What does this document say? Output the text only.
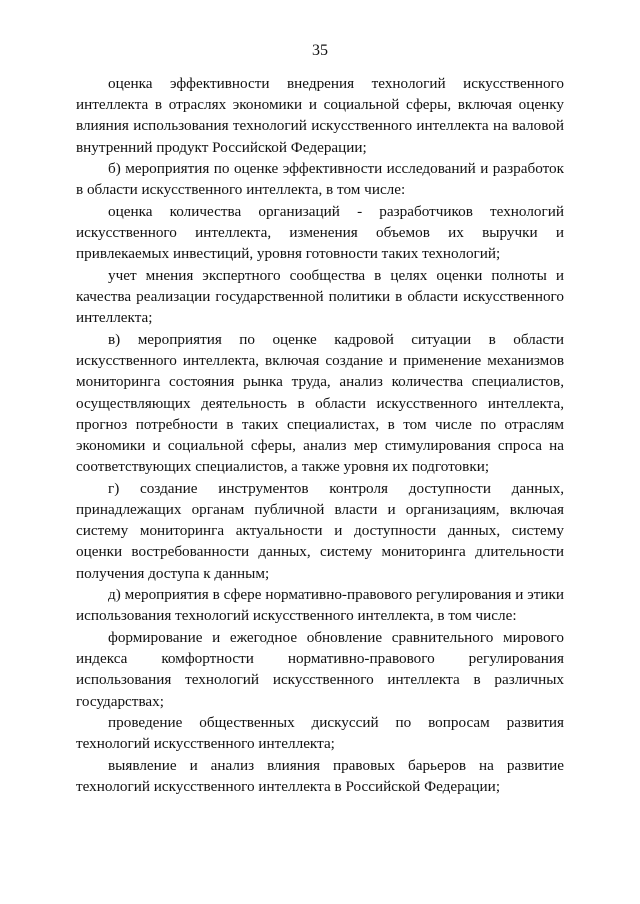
35

оценка эффективности внедрения технологий искусственного интеллекта в отраслях экономики и социальной сферы, включая оценку влияния использования технологий искусственного интеллекта на валовой внутренний продукт Российской Федерации;

б) мероприятия по оценке эффективности исследований и разработок в области искусственного интеллекта, в том числе:

оценка количества организаций - разработчиков технологий искусственного интеллекта, изменения объемов их выручки и привлекаемых инвестиций, уровня готовности таких технологий;

учет мнения экспертного сообщества в целях оценки полноты и качества реализации государственной политики в области искусственного интеллекта;

в) мероприятия по оценке кадровой ситуации в области искусственного интеллекта, включая создание и применение механизмов мониторинга состояния рынка труда, анализ количества специалистов, осуществляющих деятельность в области искусственного интеллекта, прогноз потребности в таких специалистах, в том числе по отраслям экономики и социальной сферы, анализ мер стимулирования спроса на соответствующих специалистов, а также уровня их подготовки;

г) создание инструментов контроля доступности данных, принадлежащих органам публичной власти и организациям, включая систему мониторинга актуальности и доступности данных, систему оценки востребованности данных, систему мониторинга длительности получения доступа к данным;

д) мероприятия в сфере нормативно-правового регулирования и этики использования технологий искусственного интеллекта, в том числе:

формирование и ежегодное обновление сравнительного мирового индекса комфортности нормативно-правового регулирования использования технологий искусственного интеллекта в различных государствах;

проведение общественных дискуссий по вопросам развития технологий искусственного интеллекта;

выявление и анализ влияния правовых барьеров на развитие технологий искусственного интеллекта в Российской Федерации;
